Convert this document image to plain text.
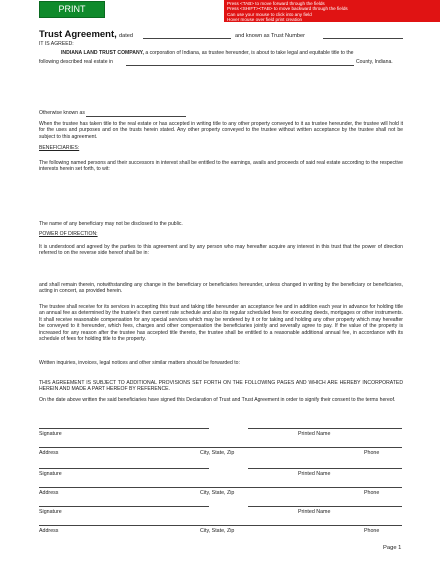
PRINT
Press <TAB> to move forward through the fields
Press <SHIFT><TAB> to move backward through the fields
Can use your mouse to click into any field
Hover mouse over field print creation
Trust Agreement, dated	and known as Trust Number
IT IS AGREED:
INDIANA LAND TRUST COMPANY, a corporation of Indiana, as trustee hereunder, is about to take legal and equitable title to the
following described real estate in	County, Indiana.
Otherwise known as
When the trustee has taken title to the real estate or has accepted in writing title to any other property conveyed to it as trustee hereunder, the trustee will hold it for the uses and purposes and on the trusts herein stated. Any other property conveyed to the trustee without written acceptance by the trustee shall not be subject to this agreement.
BENEFICIARIES:
The following named persons and their successors in interest shall be entitled to the earnings, avails and proceeds of said real estate according to the respective interests herein set forth, to wit:
The name of any beneficiary may not be disclosed to the public.
POWER OF DIRECTION:
It is understood and agreed by the parties to this agreement and by any person who may hereafter acquire any interest in this trust that the power of direction referred to on the reverse side hereof shall be in:
and shall remain therein, notwithstanding any change in the beneficiary or beneficiaries hereunder, unless changed in writing by the beneficiary or beneficiaries, acting in concert, as provided herein.
The trustee shall receive for its services in accepting this trust and taking title hereunder an acceptance fee and in addition each year in advance for holding title an annual fee as determined by the trustee's then current rate schedule and also its regular scheduled fees for executing deeds, mortgages or other instruments. It shall receive reasonable compensation for any special services which may be rendered by it or for taking and holding any other property which may hereafter be conveyed to it hereunder, which fees, charges and other compensation the beneficiaries jointly and severally agree to pay. If the value of the property is increased for any reason after the trustee has accepted title thereto, the trustee shall be entitled to a reasonable additional annual fee, in accordance with its schedule of fees for holding title to the property.
Written inquiries, invoices, legal notices and other similar matters should be forwarded to:
THIS AGREEMENT IS SUBJECT TO ADDITIONAL PROVISIONS SET FORTH ON THE FOLLOWING PAGES AND WHICH ARE HEREBY INCORPORATED HEREIN AND MADE A PART HEREOF BY REFERENCE.
On the date above written the said beneficiaries have signed this Declaration of Trust and Trust Agreement in order to signify their consent to the terms hereof.
Signature	Printed Name
Address	City, State, Zip	Phone
Signature	Printed Name
Address	City, State, Zip	Phone
Signature	Printed Name
Address	City, State, Zip	Phone
Page 1
